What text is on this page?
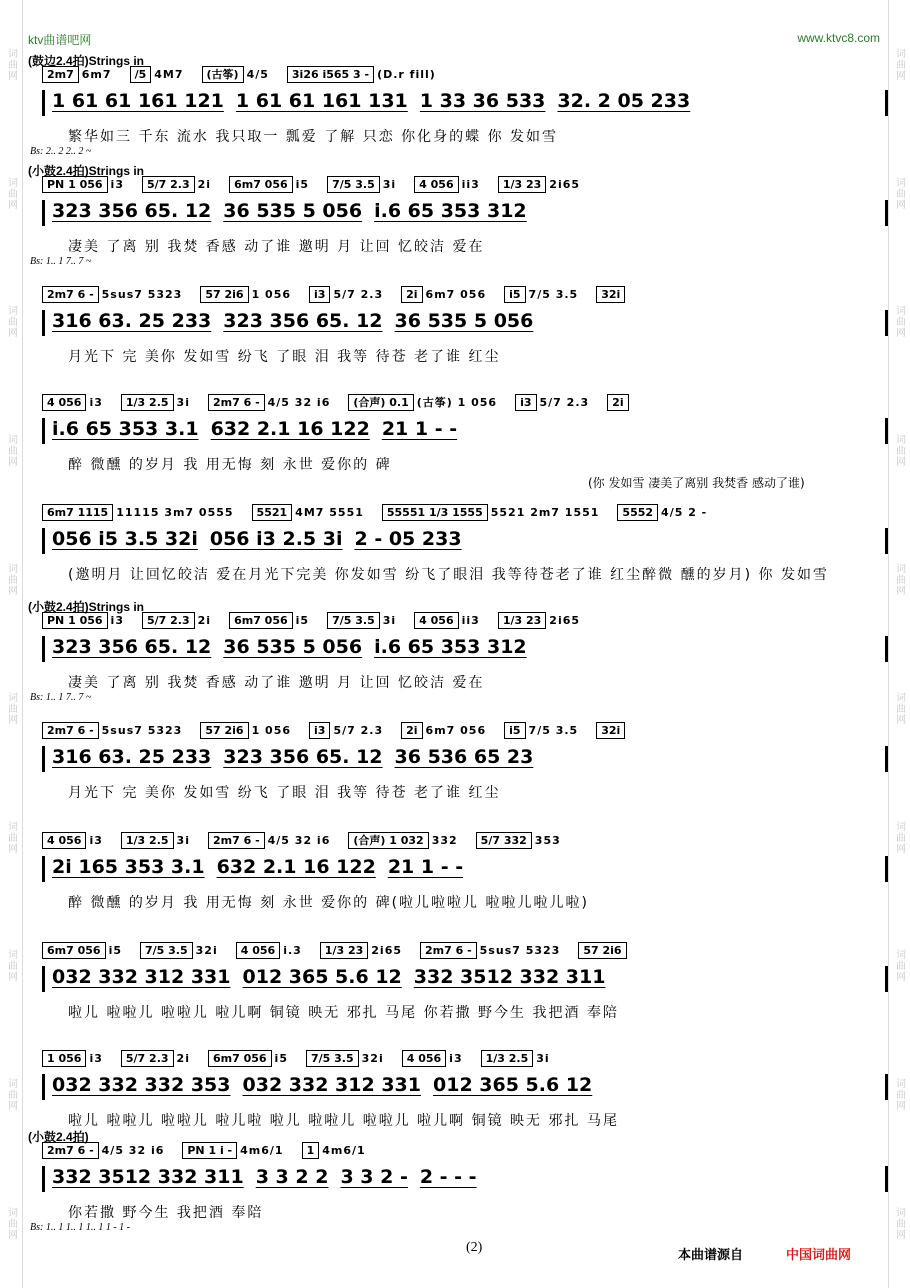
词曲网
词曲网
词曲网
词曲网
词曲网
词曲网
词曲网
词曲网
词曲网
词曲网
词曲网
词曲网
词曲网
词曲网
词曲网
词曲网
词曲网
词曲网
词曲网
词曲网
ktv曲谱吧网	www.ktvc8.com
(鼓边2.4拍)Strings in
2m7 6m7 /5 4M7 (古筝) 4/5 3i26 i565 3 - (D.r fill)
1 61 61 161 121 1 61 61 161 131 1 33 36 533 32. 2 05 233
繁华如三 千东 流水 我只取一 瓢爱 了解 只恋 你化身的蝶 你 发如雪
Bs: 2.. 2 2.. 2 ~
(小鼓2.4拍)Strings in
PN 1 056 i3 5/7 2.3 2i 6m7 056 i5 7/5 3.5 3i 4 056 ii3 1/3 23 2i65
323 356 65. 12 36 535 5 056 i.6 65 353 312
凄美 了离 别 我焚 香感 动了谁 邀明 月 让回 忆皎洁 爱在
Bs: 1.. 1 7.. 7 ~
2m7 6 - 5sus7 5323 57 2i6 1 056 i3 5/7 2.3 2i 6m7 056 i5 7/5 3.5 32i
316 63. 25 233 323 356 65. 12 36 535 5 056
月光下 完 美你 发如雪 纷飞 了眼 泪 我等 待苍 老了谁 红尘
4 056 i3 1/3 2.5 3i 2m7 6 - 4/5 32 i6 (合声) 0.1 (古筝) 1 056 i3 5/7 2.3 2i
i.6 65 353 3.1 632 2.1 16 122 21 1 - -
醉 微醺 的岁月 我 用无悔 刻 永世 爱你的 碑
(你 发如雪 凄美了离别 我焚香 感动了谁)
6m7 1115 11115 3m7 0555 5521 4M7 5551 55551 1/3 1555 5521 2m7 1551 5552 4/5 2 -
056 i5 3.5 32i 056 i3 2.5 3i 2 - 05 233
(邀明月 让回忆皎洁 爱在月光下完美 你发如雪 纷飞了眼泪 我等待苍老了谁 红尘醉微 醺的岁月) 你 发如雪
(小鼓2.4拍)Strings in
PN 1 056 i3 5/7 2.3 2i 6m7 056 i5 7/5 3.5 3i 4 056 ii3 1/3 23 2i65
323 356 65. 12 36 535 5 056 i.6 65 353 312
凄美 了离 别 我焚 香感 动了谁 邀明 月 让回 忆皎洁 爱在
Bs: 1.. 1 7.. 7 ~
2m7 6 - 5sus7 5323 57 2i6 1 056 i3 5/7 2.3 2i 6m7 056 i5 7/5 3.5 32i
316 63. 25 233 323 356 65. 12 36 536 65 23
月光下 完 美你 发如雪 纷飞 了眼 泪 我等 待苍 老了谁 红尘
4 056 i3 1/3 2.5 3i 2m7 6 - 4/5 32 i6 (合声) 1 032 332 5/7 332 353
2i 165 353 3.1 632 2.1 16 122 21 1 - -
醉 微醺 的岁月 我 用无悔 刻 永世 爱你的 碑(啦儿啦啦儿 啦啦儿啦儿啦)
6m7 056 i5 7/5 3.5 32i 4 056 i.3 1/3 23 2i65 2m7 6 - 5sus7 5323 57 2i6
032 332 312 331 012 365 5.6 12 332 3512 332 311
啦儿 啦啦儿 啦啦儿 啦儿啊 铜镜 映无 邪扎 马尾 你若撒 野今生 我把酒 奉陪
1 056 i3 5/7 2.3 2i 6m7 056 i5 7/5 3.5 32i 4 056 i3 1/3 2.5 3i
032 332 332 353 032 332 312 331 012 365 5.6 12
啦儿 啦啦儿 啦啦儿 啦儿啦 啦儿 啦啦儿 啦啦儿 啦儿啊 铜镜 映无 邪扎 马尾
(小鼓2.4拍)
2m7 6 - 4/5 32 i6 PN 1 i - 4m6/1 1 4m6/1
332 3512 332 311 3 3 2 2 3 3 2 - 2 - - -
你若撒 野今生 我把酒 奉陪
Bs: 1.. 1 1.. 1 1.. 1 1 - 1 -
(2)
本曲谱源自	中国词曲网
